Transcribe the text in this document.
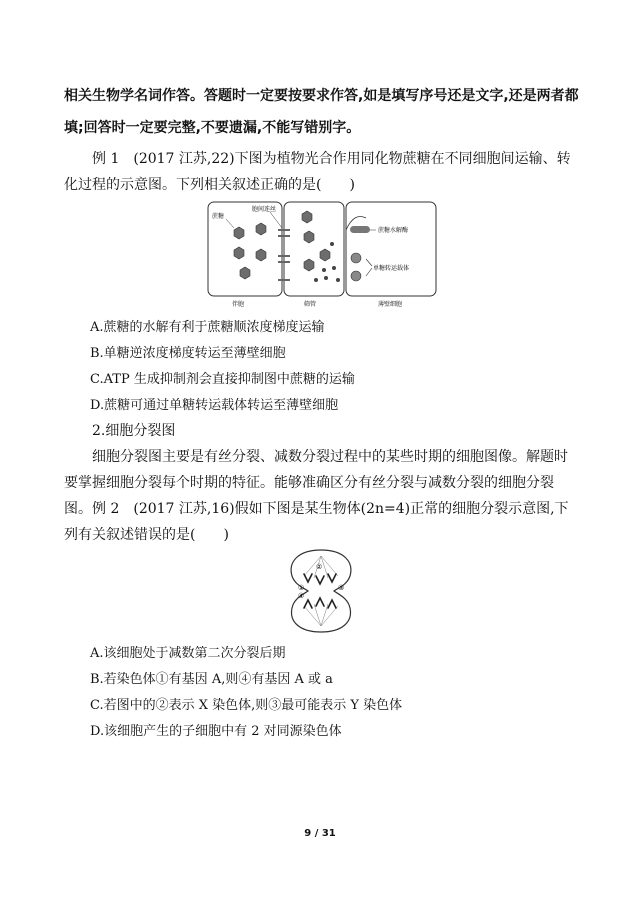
相关生物学名词作答。答题时一定要按要求作答,如是填写序号还是文字,还是两者都填;回答时一定要完整,不要遗漏,不能写错别字。

例 1　(2017 江苏,22)下图为植物光合作用同化物蔗糖在不同细胞间运输、转化过程的示意图。下列相关叙述正确的是(　　)

蔗糖
胞间连丝
蔗糖水解酶
单糖转运载体
伴胞	筛管	薄壁细胞

A.蔗糖的水解有利于蔗糖顺浓度梯度运输

B.单糖逆浓度梯度转运至薄壁细胞

C.ATP 生成抑制剂会直接抑制图中蔗糖的运输

D.蔗糖可通过单糖转运载体转运至薄壁细胞

2.细胞分裂图

细胞分裂图主要是有丝分裂、减数分裂过程中的某些时期的细胞图像。解题时要掌握细胞分裂每个时期的特征。能够准确区分有丝分裂与减数分裂的细胞分裂图。 例 2　(2017 江苏,16)假如下图是某生物体(2n=4)正常的细胞分裂示意图,下列有关叙述错误的是(　　)

①
②
③
④

A.该细胞处于减数第二次分裂后期

B.若染色体①有基因 A,则④有基因 A 或 a

C.若图中的②表示 X 染色体,则③最可能表示 Y 染色体

D.该细胞产生的子细胞中有 2 对同源染色体

9 / 31
